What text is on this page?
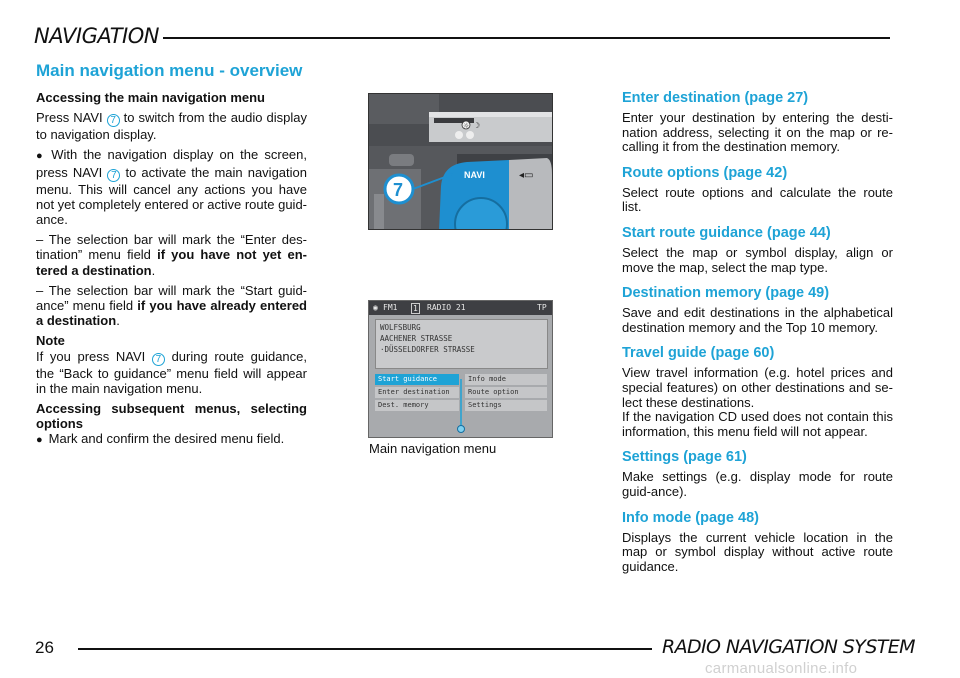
NAVIGATION
Main navigation menu - overview

Accessing the main navigation menu

Press NAVI 7 to switch from the audio display to navigation display.

● With the navigation display on the screen, press NAVI 7 to activate the main navigation menu. This will cancel any actions you have not yet completely entered or active route guid-ance.

– The selection bar will mark the “Enter des-tination” menu field if you have not yet en-tered a destination.

– The selection bar will mark the “Start guid-ance” menu field if you have already entered a destination.

Note

If you press NAVI 7 during route guidance, the “Back to guidance” menu field will appear in the main navigation menu.

Accessing subsequent menus, selecting options

● Mark and confirm the desired menu field.

☼ ☽
NAVI	◂▭
7
◉ FM1 1 RADIO 21	TP
WOLFSBURG
AACHENER STRASSE
·DÜSSELDORFER STRASSE
Start guidance	Info mode
Enter destination	Route option
Dest. memory	Settings
Main navigation menu
Enter destination (page 27)

Enter your destination by entering the desti-nation address, selecting it on the map or re-calling it from the destination memory.

Route options (page 42)

Select route options and calculate the route list.

Start route guidance (page 44)

Select the map or symbol display, align or move the map, select the map type.

Destination memory (page 49)

Save and edit destinations in the alphabetical destination memory and the Top 10 memory.

Travel guide (page 60)

View travel information (e.g. hotel prices and special features) on other destinations and se-lect these destinations.

If the navigation CD used does not contain this information, this menu field will not appear.

Settings (page 61)

Make settings (e.g. display mode for route guid-ance).

Info mode (page 48)

Displays the current vehicle location in the map or symbol display without active route guidance.

26	RADIO NAVIGATION SYSTEM
carmanualsonline.info
